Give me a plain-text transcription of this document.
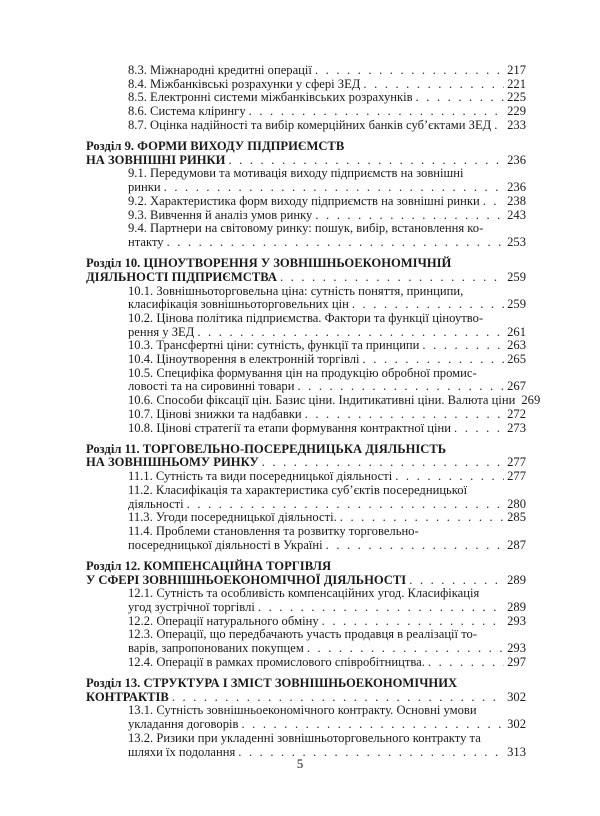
8.3. Міжнародні кредитні операції . . .	217
8.4. Міжбанківські розрахунки у сфері ЗЕД . . .	221
8.5. Електронні системи міжбанківських розрахунків . . .	225
8.6. Система клірингу . . .	229
8.7. Оцінка надійності та вибір комерційних банків суб’єктами ЗЕД . . . 233
Розділ 9. ФОРМИ ВИХОДУ ПІДПРИЄМСТВ
НА ЗОВНІШНІ РИНКИ . . .	236
9.1. Передумови та мотивація виходу підприємств на зовнішні
ринки . . .	236
9.2. Характеристика форм виходу підприємств на зовнішні ринки . . . 238
9.3. Вивчення й аналіз умов ринку . . .	243
9.4. Партнери на світовому ринку: пошук, вибір, встановлення ко-
нтакту . . .	253
Розділ 10. ЦІНОУТВОРЕННЯ У ЗОВНІШНЬОЕКОНОМІЧНІЙ
ДІЯЛЬНОСТІ ПІДПРИЄМСТВА . . .	259
10.1. Зовнішньоторговельна ціна: сутність поняття, принципи,
класифікація зовнішньоторговельних цін . . .	259
10.2. Цінова політика підприємства. Фактори та функції ціноутво-
рення у ЗЕД . . .	261
10.3. Трансфертні ціни: сутність, функції та принципи . . .	263
10.4. Ціноутворення в електронній торгівлі . . .	265
10.5. Специфіка формування цін на продукцію обробної промис-
ловості та на сировинні товари . . .	267
10.6. Способи фіксації цін. Базис ціни. Індитикативні ціни. Валюта ціни 269
10.7. Цінові знижки та надбавки . . .	272
10.8. Цінові стратегії та етапи формування контрактної ціни . . .	273
Розділ 11. ТОРГОВЕЛЬНО-ПОСЕРЕДНИЦЬКА ДІЯЛЬНІСТЬ
НА ЗОВНІШНЬОМУ РИНКУ . . .	277
11.1. Сутність та види посередницької діяльності . . .	277
11.2. Класифікація та характеристика суб’єктів посередницької
діяльності . . .	280
11.3. Угоди посередницької діяльності. . . .	285
11.4. Проблеми становлення та розвитку торговельно-
посередницької діяльності в Україні . . .	287
Розділ 12. КОМПЕНСАЦІЙНА ТОРГІВЛЯ
У СФЕРІ ЗОВНІШНЬОЕКОНОМІЧНОЇ ДІЯЛЬНОСТІ . . .	289
12.1. Сутність та особливість компенсаційних угод. Класифікація
угод зустрічної торгівлі . . .	289
12.2. Операції натурального обміну . . .	293
12.3. Операції, що передбачають участь продавця в реалізації то-
варів, запропонованих покупцем . . .	293
12.4. Операції в рамках промислового співробітництва. . . .	297
Розділ 13. СТРУКТУРА І ЗМІСТ ЗОВНІШНЬОЕКОНОМІЧНИХ
КОНТРАКТІВ . . .	302
13.1. Сутність зовнішньоекономічного контракту. Основні умови
укладання договорів . . .	302
13.2. Ризики при укладенні зовнішньоторговельного контракту та
шляхи їх подолання . . .	313
5
